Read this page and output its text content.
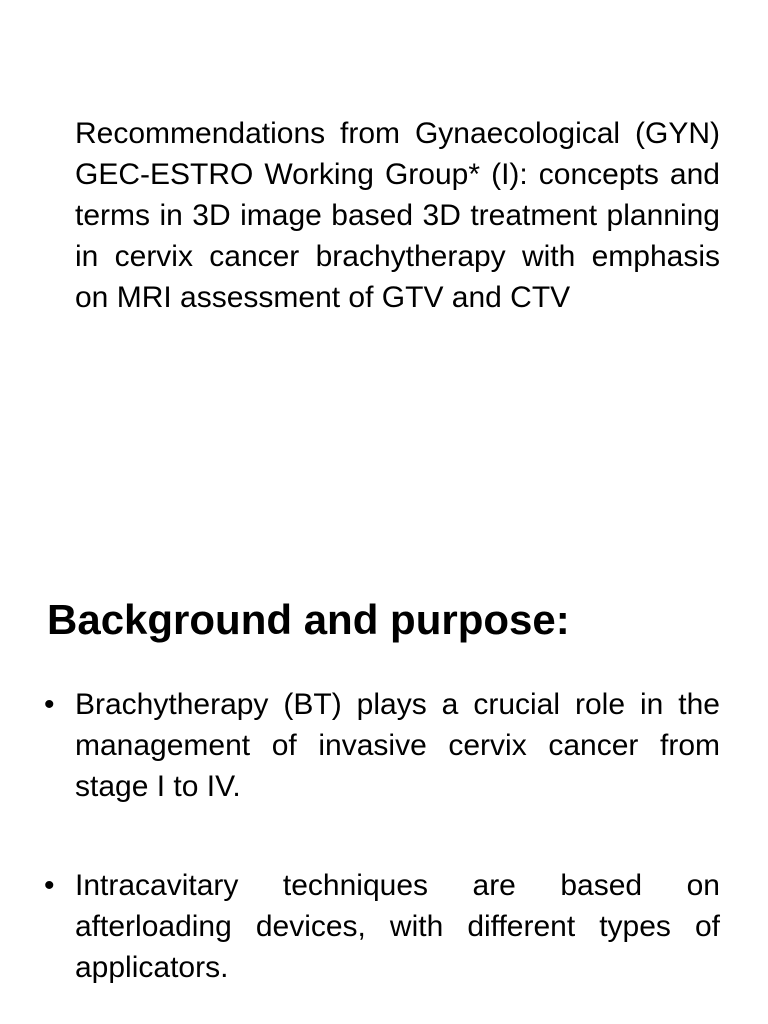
Recommendations from Gynaecological (GYN) GEC-ESTRO Working Group* (I): concepts and terms in 3D image based 3D treatment planning in cervix cancer brachytherapy with emphasis on MRI assessment of GTV and CTV

Background and purpose:
• Brachytherapy (BT) plays a crucial role in the management of invasive cervix cancer from stage I to IV.
• Intracavitary techniques are based on afterloading devices, with different types of applicators.
